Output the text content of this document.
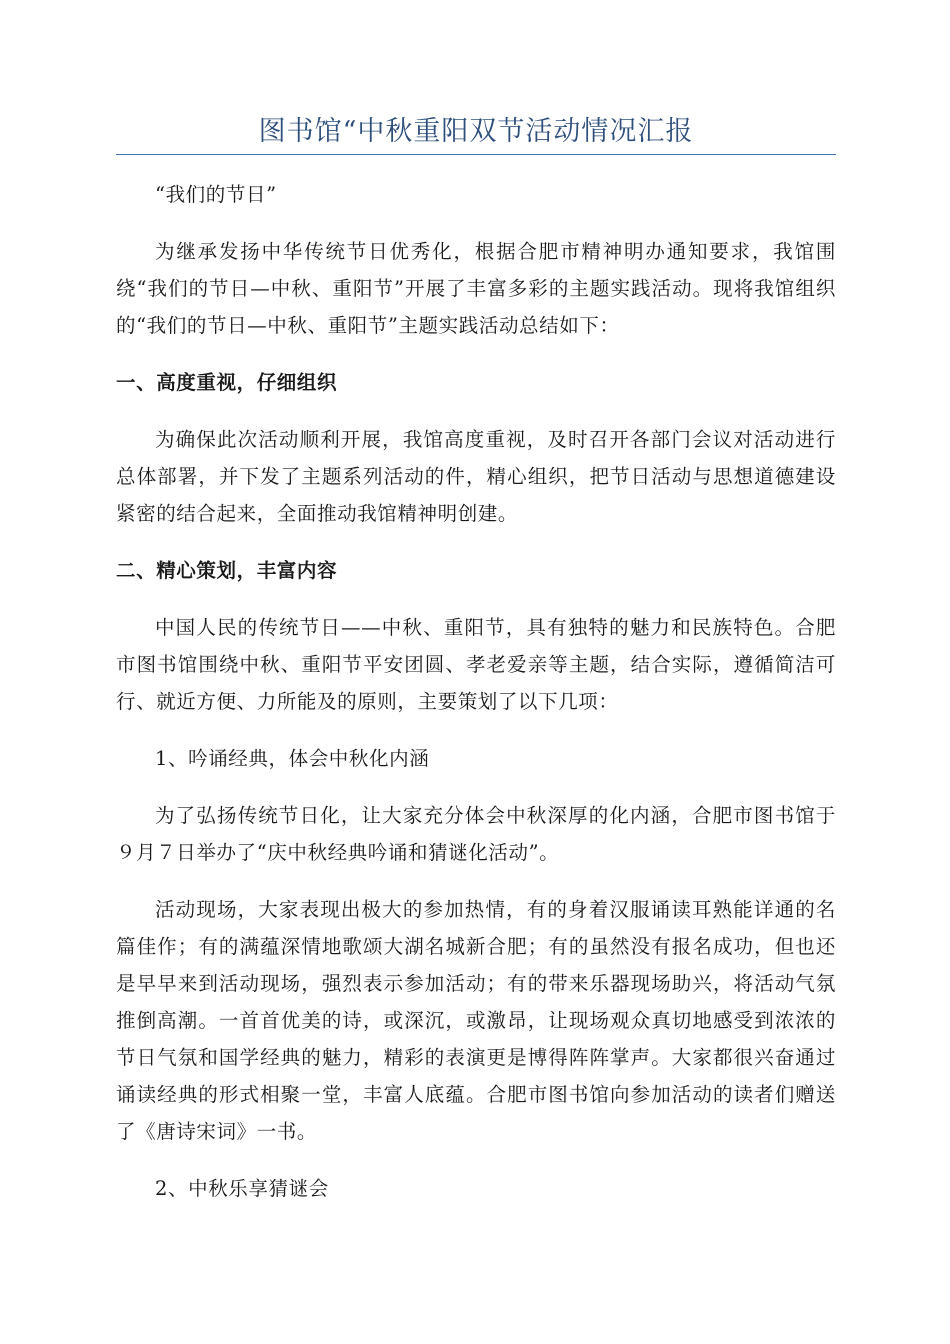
图书馆“中秋重阳双节活动情况汇报

“我们的节日”

为继承发扬中华传统节日优秀化，根据合肥市精神明办通知要求，我馆围绕“我们的节日—中秋、重阳节”开展了丰富多彩的主题实践活动。现将我馆组织的“我们的节日—中秋、重阳节”主题实践活动总结如下：

一、高度重视，仔细组织

为确保此次活动顺利开展，我馆高度重视，及时召开各部门会议对活动进行总体部署，并下发了主题系列活动的件，精心组织，把节日活动与思想道德建设紧密的结合起来，全面推动我馆精神明创建。

二、精心策划，丰富内容

中国人民的传统节日——中秋、重阳节，具有独特的魅力和民族特色。合肥市图书馆围绕中秋、重阳节平安团圆、孝老爱亲等主题，结合实际，遵循简洁可行、就近方便、力所能及的原则，主要策划了以下几项：

1、吟诵经典，体会中秋化内涵

为了弘扬传统节日化，让大家充分体会中秋深厚的化内涵，合肥市图书馆于９月７日举办了“庆中秋经典吟诵和猜谜化活动”。

活动现场，大家表现出极大的参加热情，有的身着汉服诵读耳熟能详通的名篇佳作；有的满蕴深情地歌颂大湖名城新合肥；有的虽然没有报名成功，但也还是早早来到活动现场，强烈表示参加活动；有的带来乐器现场助兴，将活动气氛推倒高潮。一首首优美的诗，或深沉，或激昂，让现场观众真切地感受到浓浓的节日气氛和国学经典的魅力，精彩的表演更是博得阵阵掌声。大家都很兴奋通过诵读经典的形式相聚一堂，丰富人底蕴。合肥市图书馆向参加活动的读者们赠送了《唐诗宋词》一书。

2、中秋乐享猜谜会
